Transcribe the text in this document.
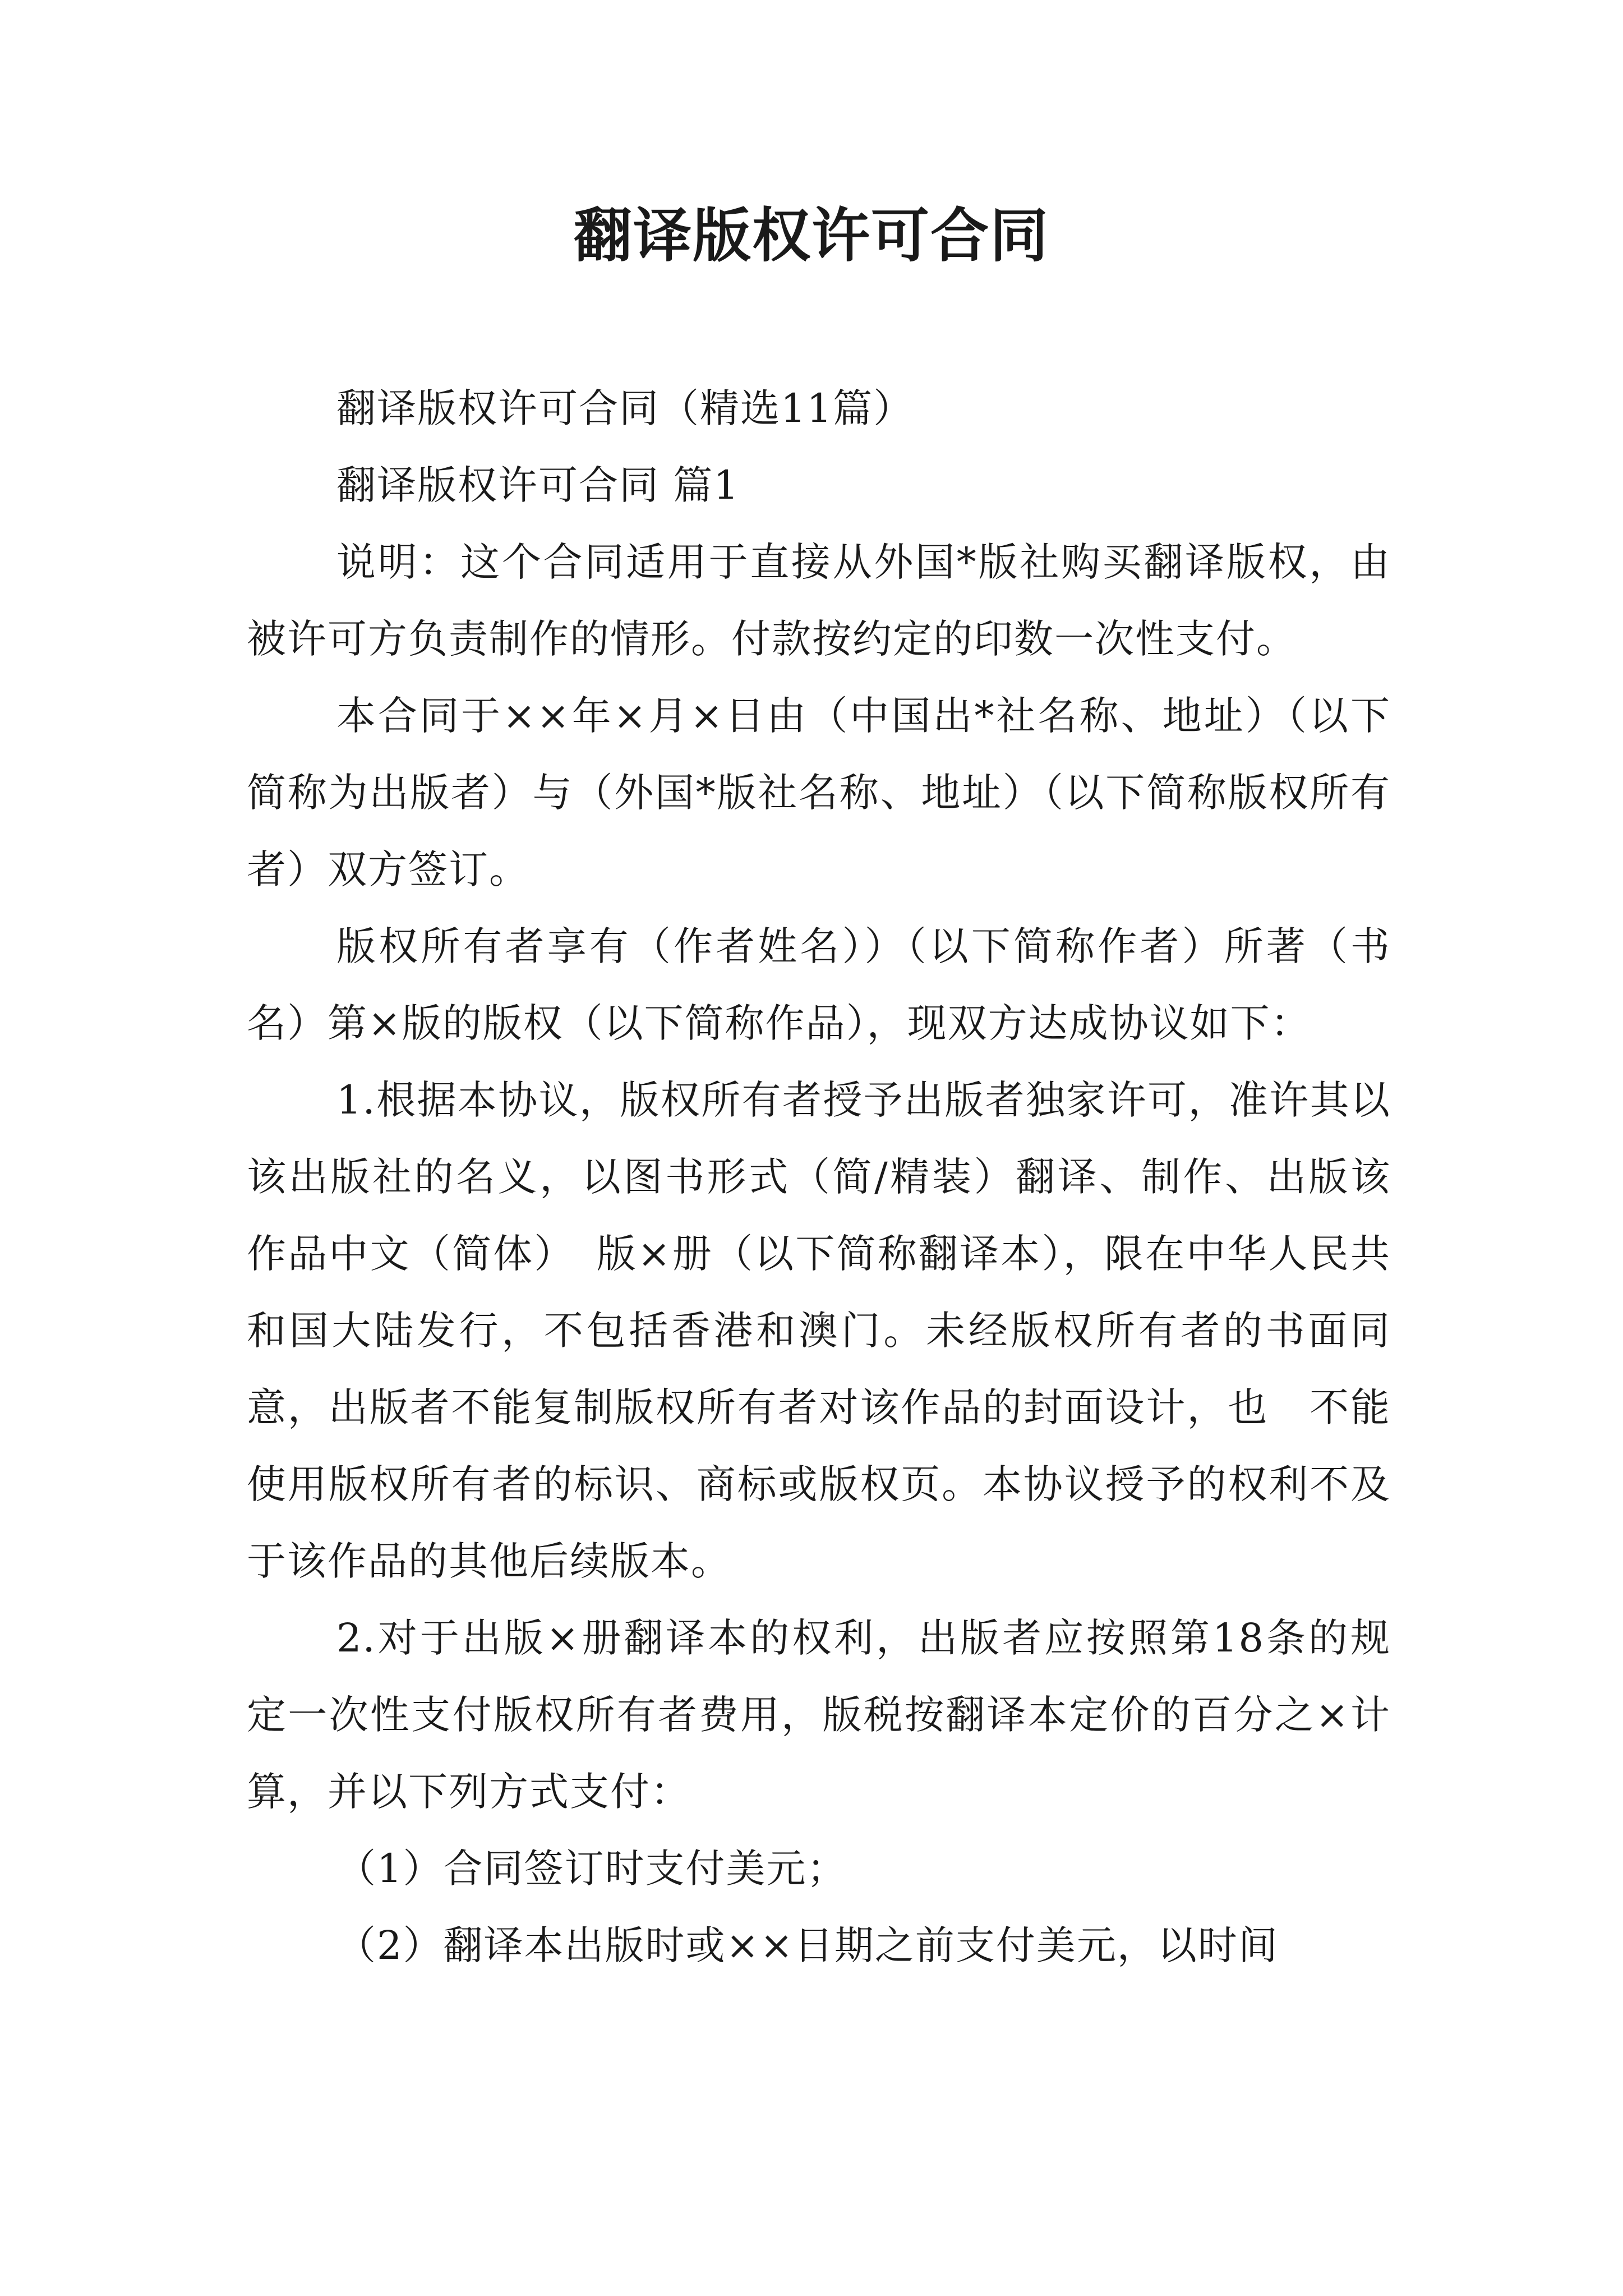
翻译版权许可合同

翻译版权许可合同（精选11篇）

翻译版权许可合同 篇1

说明：这个合同适用于直接从外国*版社购买翻译版权，由被许可方负责制作的情形。付款按约定的印数一次性支付。

本合同于××年×月×日由（中国出*社名称、地址）（以下简称为出版者）与（外国*版社名称、地址）（以下简称版权所有者）双方签订。

版权所有者享有（作者姓名））（以下简称作者）所著（书名）第×版的版权（以下简称作品），现双方达成协议如下：

1.根据本协议，版权所有者授予出版者独家许可，准许其以该出版社的名义，以图书形式（简/精装）翻译、制作、出版该作品中文（简体）　版×册（以下简称翻译本），限在中华人民共和国大陆发行，不包括香港和澳门。未经版权所有者的书面同意，出版者不能复制版权所有者对该作品的封面设计，也　不能使用版权所有者的标识、商标或版权页。本协议授予的权利不及于该作品的其他后续版本。

2.对于出版×册翻译本的权利，出版者应按照第18条的规定一次性支付版权所有者费用，版税按翻译本定价的百分之×计算，并以下列方式支付：

（1）合同签订时支付美元；

（2）翻译本出版时或××日期之前支付美元，以时间
